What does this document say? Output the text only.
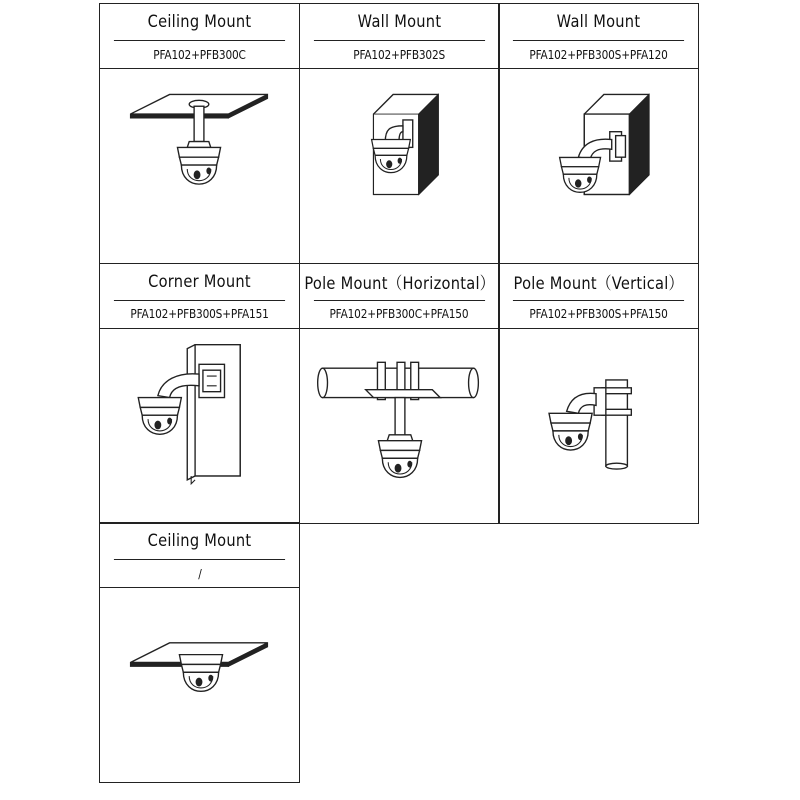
Ceiling Mount
PFA102+PFB300C
Wall Mount
PFA102+PFB302S
Wall Mount
PFA102+PFB300S+PFA120
Corner Mount
PFA102+PFB300S+PFA151
Pole Mount（Horizontal）
PFA102+PFB300C+PFA150
Pole Mount（Vertical）
PFA102+PFB300S+PFA150
Ceiling Mount
/
